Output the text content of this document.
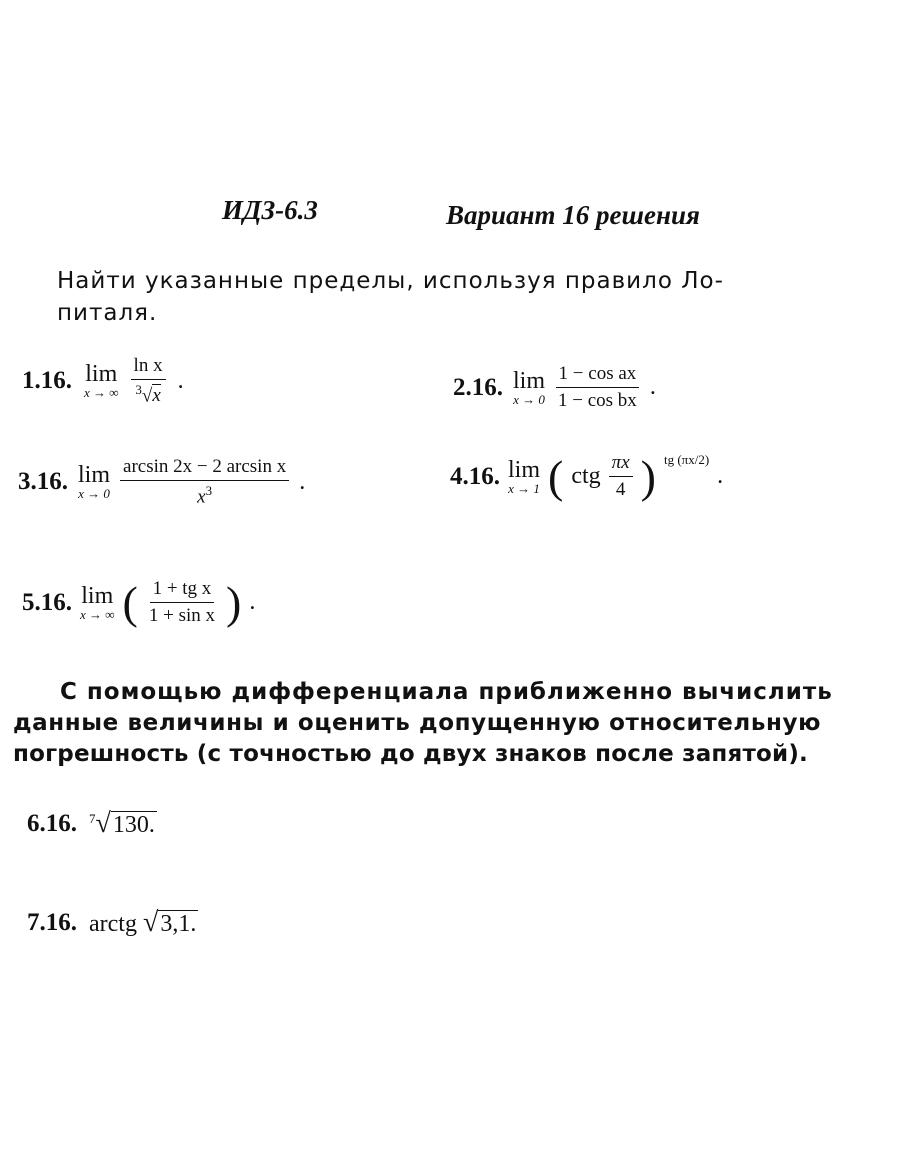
ИДЗ-6.3	Вариант 16 решения
Найти указанные пределы, используя правило Ло-
питаля.
1.16. lim
x → ∞ $\frac{\text{ln x}}{^3√x}$ .	2.16. lim
$x \to 0 \frac{\text{1 − cos ax}}{\text{1 − cos bx}}$ .
3.16. lim
$x \to 0 \frac{\text{arcsin 2x − 2 arcsin x}}{x^3}$ .	4.16. lim
x → 1 ( ctg $\frac{\pi x}{4}$ ) tg (πx/2)
.
5.16. lim
x → ∞ ( $\frac{\text{1 + tg x}}{\text{1 + sin x}}$ ) .
С помощью дифференциала приближенно вычислить
данные величины и оценить допущенную относительную
погрешность (с точностью до двух знаков после запятой).
6.16. $^7$√130.
7.16. arctg √3,1.
